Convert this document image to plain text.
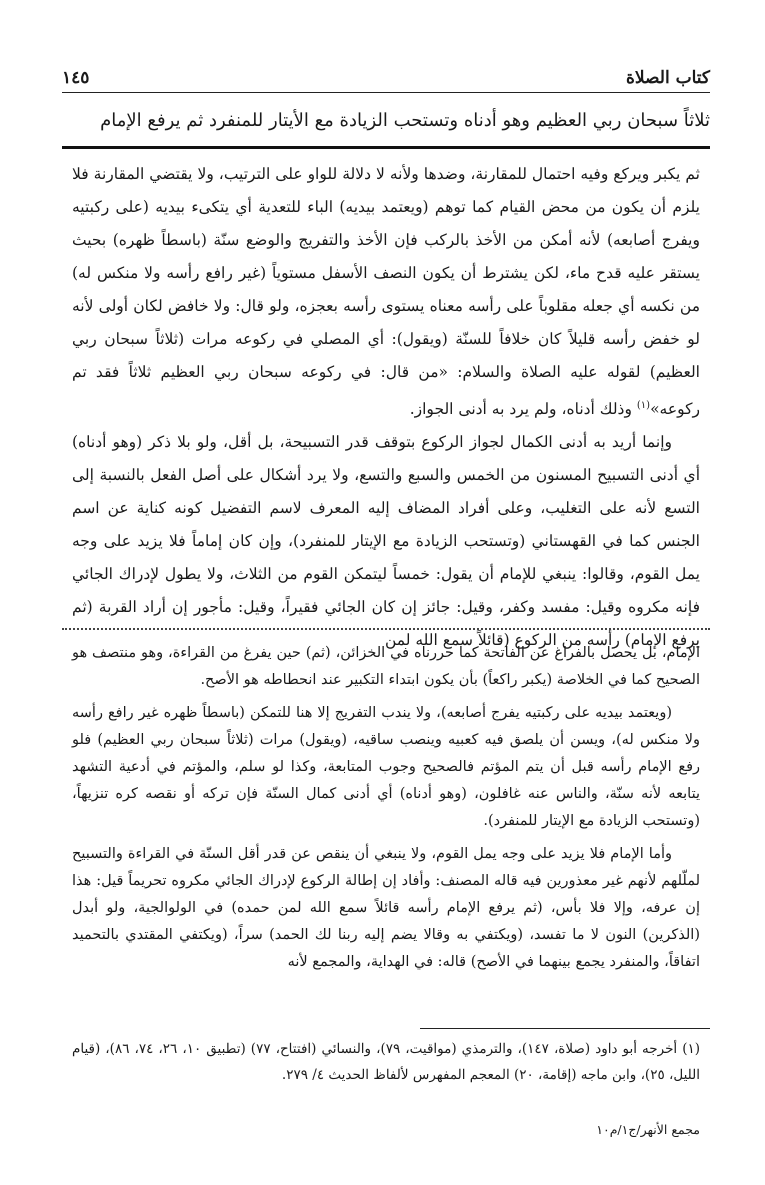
كتاب الصلاة
١٤٥
ثلاثاً سبحان ربي العظيم وهو أدناه وتستحب الزيادة مع الأيتار للمنفرد ثم يرفع الإمام

ثم يكبر ويركع وفيه احتمال للمقارنة، وضدها ولأنه لا دلالة للواو على الترتيب، ولا يقتضي المقارنة فلا يلزم أن يكون من محض القيام كما توهم (ويعتمد بيديه) الباء للتعدية أي يتكىء بيديه (على ركبتيه ويفرج أصابعه) لأنه أمكن من الأخذ بالركب فإن الأخذ والتفريج والوضع سنّة (باسطاً ظهره) بحيث يستقر عليه قدح ماء، لكن يشترط أن يكون النصف الأسفل مستوياً (غير رافع رأسه ولا منكس له) من نكسه أي جعله مقلوباً على رأسه معناه يستوى رأسه بعجزه، ولو قال: ولا خافض لكان أولى لأنه لو خفض رأسه قليلاً كان خلافاً للسنّة (ويقول): أي المصلي في ركوعه مرات (ثلاثاً سبحان ربي العظيم) لقوله عليه الصلاة والسلام: «من قال: في ركوعه سبحان ربي العظيم ثلاثاً فقد تم ركوعه»$^{(١)}$ وذلك أدناه، ولم يرد به أدنى الجواز.

وإنما أريد به أدنى الكمال لجواز الركوع بتوقف قدر التسبيحة، بل أقل، ولو بلا ذكر (وهو أدناه) أي أدنى التسبيح المسنون من الخمس والسبع والتسع، ولا يرد أشكال على أصل الفعل بالنسبة إلى التسع لأنه على التغليب، وعلى أفراد المضاف إليه المعرف لاسم التفضيل كونه كناية عن اسم الجنس كما في القهستاني (وتستحب الزيادة مع الإيتار للمنفرد)، وإن كان إماماً فلا يزيد على وجه يمل القوم، وقالوا: ينبغي للإمام أن يقول: خمساً ليتمكن القوم من الثلاث، ولا يطول لإدراك الجائي فإنه مكروه وقيل: مفسد وكفر، وقيل: جائز إن كان الجائي فقيراً، وقيل: مأجور إن أراد القربة (ثم يرفع الإمام) رأسه من الركوع (قائلاً سمع الله لمن

الإمام، بل يحصل بالفراغ عن الفاتحة كما حررناه في الخزائن، (ثم) حين يفرغ من القراءة، وهو منتصف هو الصحيح كما في الخلاصة (يكبر راكعاً) بأن يكون ابتداء التكبير عند انحطاطه هو الأصح.

(ويعتمد بيديه على ركبتيه يفرج أصابعه)، ولا يندب التفريج إلا هنا للتمكن (باسطاً ظهره غير رافع رأسه ولا منكس له)، ويسن أن يلصق فيه كعبيه وينصب ساقيه، (ويقول) مرات (ثلاثاً سبحان ربي العظيم) فلو رفع الإمام رأسه قبل أن يتم المؤتم فالصحيح وجوب المتابعة، وكذا لو سلم، والمؤتم في أدعية التشهد يتابعه لأنه سنّة، والناس عنه غافلون، (وهو أدناه) أي أدنى كمال السنّة فإن تركه أو نقصه كره تنزيهاً، (وتستحب الزيادة مع الإيتار للمنفرد).

وأما الإمام فلا يزيد على وجه يمل القوم، ولا ينبغي أن ينقص عن قدر أقل السنّة في القراءة والتسبيح لملّلهم لأنهم غير معذورين فيه قاله المصنف: وأفاد إن إطالة الركوع لإدراك الجائي مكروه تحريماً قيل: هذا إن عرفه، وإلا فلا بأس، (ثم يرفع الإمام رأسه قائلاً سمع الله لمن حمده) في الولوالجية، ولو أبدل (الذكرين) النون لا ما تفسد، (ويكتفي به وقالا يضم إليه ربنا لك الحمد) سراً، (ويكتفي المقتدي بالتحميد اتفاقاً، والمنفرد يجمع بينهما في الأصح) قاله: في الهداية، والمجمع لأنه

(١) أخرجه أبو داود (صلاة، ١٤٧)، والترمذي (مواقيت، ٧٩)، والنسائي (افتتاح، ٧٧) (تطبيق ١٠، ٢٦، ٧٤، ٨٦)، (قيام الليل، ٢٥)، وابن ماجه (إقامة، ٢٠) المعجم المفهرس لألفاظ الحديث ٤/ ٢٧٩.
مجمع الأنهر/ج١/م١٠
